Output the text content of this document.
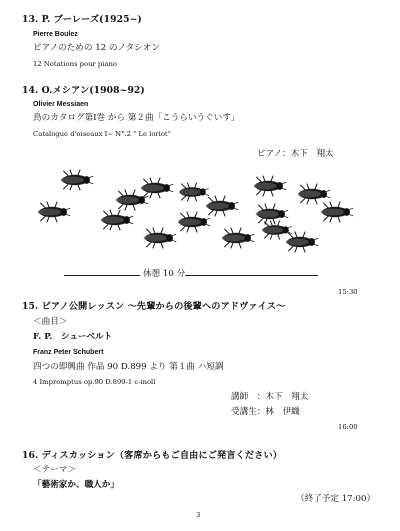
13. P. ブーレーズ(1925~)
Pierre Boulez
ピアノのための 12 のノタシオン
12 Notations pour piano
14. O.メシアン(1908~92)
Olivier Messiaen
鳥のカタログ第Ⅰ巻 から 第２曲「こうらいうぐいす」
Catalogue d'oiseaux Ⅰ~ N°.2 " Le loriot"
ピアノ：木下　翔太
休憩 10 分
15:30
15. ピアノ公開レッスン ～先輩からの後輩へのアドヴァイス～
＜曲目＞
F. P.　シューベルト
Franz Peter Schubert
四つの即興曲 作品 90 D.899 より 第１曲 ハ短調
4 Impromptus op.90 D.899-1 c-moll
講師　：木下　翔太
受講生：林　伊織
16:00
16. ディスカッション（客席からもご自由にご発言ください）
＜テーマ＞
「藝術家か、職人か」
（終了予定 17:00）
3
